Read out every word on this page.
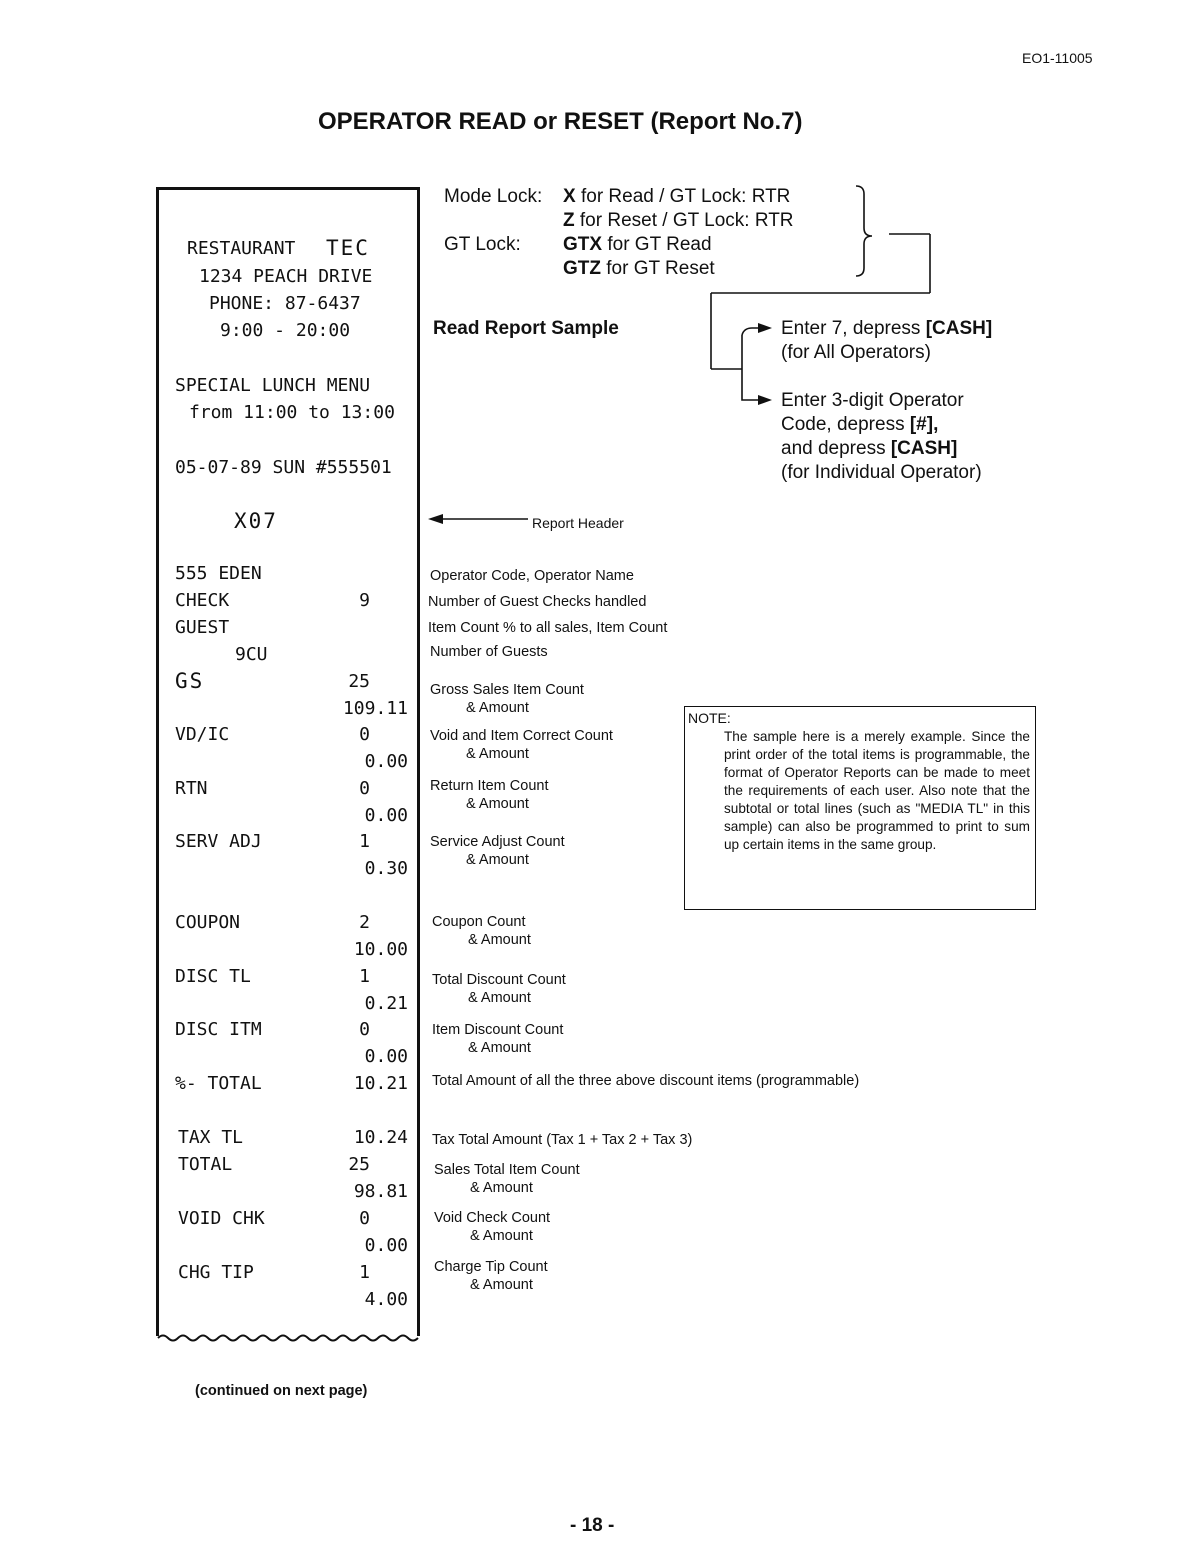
EO1-11005
OPERATOR READ or RESET (Report No.7)
RESTAURANT TEC
1234 PEACH DRIVE
PHONE: 87-6437
9:00 - 20:00
SPECIAL LUNCH MENU
from 11:00 to 13:00
05-07-89 SUN #555501
X07
555 EDEN
CHECK	9
GUEST
9CU
GS	25
109.11
VD/IC	0
0.00
RTN	0
0.00
SERV ADJ	1
0.30
COUPON	2
10.00
DISC TL	1
0.21
DISC ITM	0
0.00
%- TOTAL	10.21
TAX TL	10.24
TOTAL	25
98.81
VOID CHK	0
0.00
CHG TIP	1
4.00
Mode Lock: X for Read / GT Lock: RTR
Z for Reset / GT Lock: RTR
GT Lock: GTX for GT Read
GTZ for GT Reset
Read Report Sample	Enter 7, depress [CASH]
(for All Operators)
Enter 3-digit Operator
Code, depress [#],
and depress [CASH]
(for Individual Operator)
Report Header
Operator Code, Operator Name
Number of Guest Checks handled
Item Count % to all sales, Item Count
Number of Guests
Gross Sales Item Count
& Amount
Void and Item Correct Count
& Amount
Return Item Count
& Amount
Service Adjust Count
& Amount
Coupon Count
& Amount
Total Discount Count
& Amount
Item Discount Count
& Amount
Total Amount of all the three above discount items (programmable)
Tax Total Amount (Tax 1 + Tax 2 + Tax 3)
Sales Total Item Count
& Amount
Void Check Count
& Amount
Charge Tip Count
& Amount
NOTE:

The sample here is a merely example. Since the print order of the total items is programmable, the format of Operator Reports can be made to meet the requirements of each user. Also note that the subtotal or total lines (such as "MEDIA TL" in this sample) can also be programmed to print to sum up certain items in the same group.

(continued on next page)
- 18 -
